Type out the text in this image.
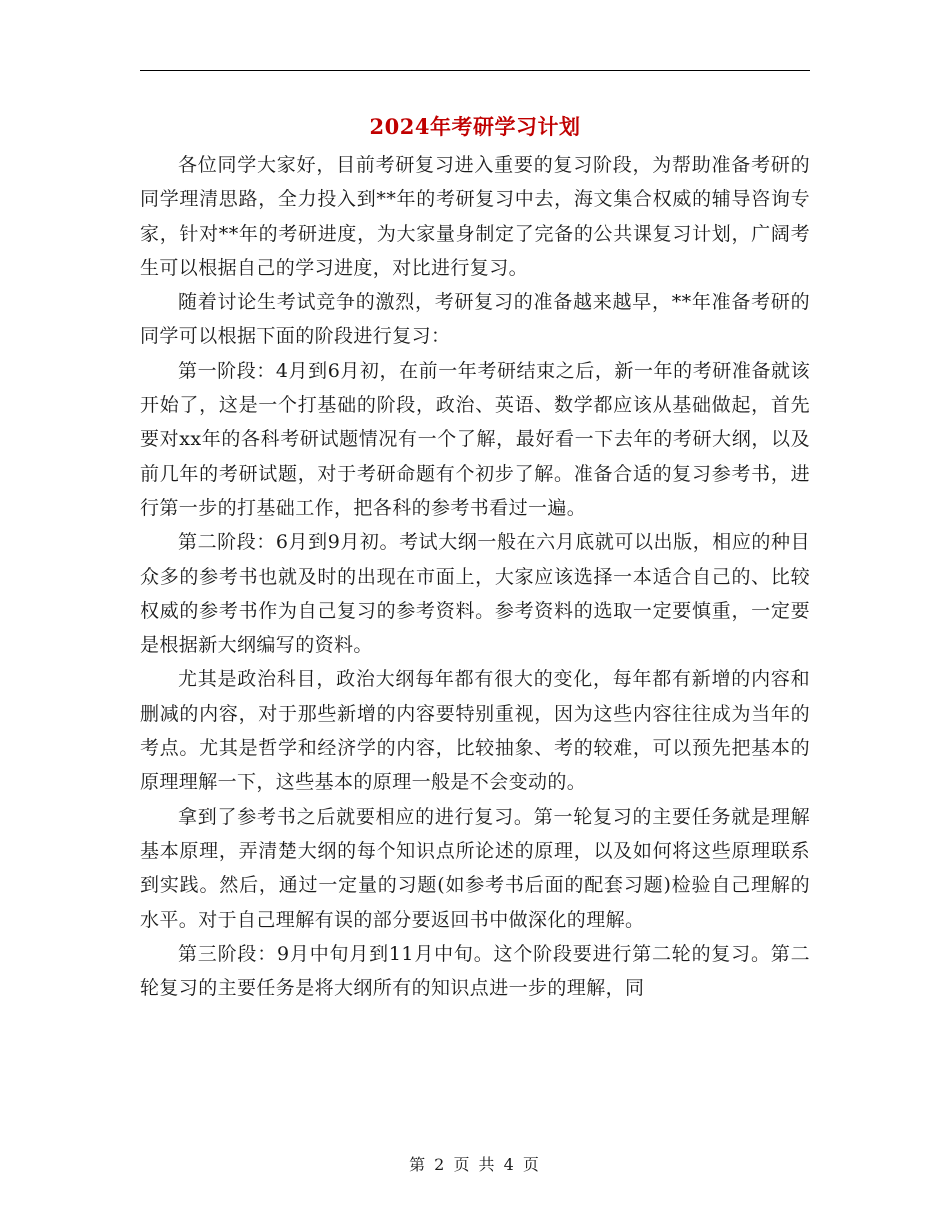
2024年考研学习计划

各位同学大家好，目前考研复习进入重要的复习阶段，为帮助准备考研的同学理清思路，全力投入到**年的考研复习中去，海文集合权威的辅导咨询专家，针对**年的考研进度，为大家量身制定了完备的公共课复习计划，广阔考生可以根据自己的学习进度，对比进行复习。

随着讨论生考试竞争的激烈，考研复习的准备越来越早，**年准备考研的同学可以根据下面的阶段进行复习：

第一阶段：4月到6月初，在前一年考研结束之后，新一年的考研准备就该开始了，这是一个打基础的阶段，政治、英语、数学都应该从基础做起，首先要对xx年的各科考研试题情况有一个了解，最好看一下去年的考研大纲，以及前几年的考研试题，对于考研命题有个初步了解。准备合适的复习参考书，进行第一步的打基础工作，把各科的参考书看过一遍。

第二阶段：6月到9月初。考试大纲一般在六月底就可以出版，相应的种目众多的参考书也就及时的出现在市面上，大家应该选择一本适合自己的、比较权威的参考书作为自己复习的参考资料。参考资料的选取一定要慎重，一定要是根据新大纲编写的资料。

尤其是政治科目，政治大纲每年都有很大的变化，每年都有新增的内容和删减的内容，对于那些新增的内容要特别重视，因为这些内容往往成为当年的考点。尤其是哲学和经济学的内容，比较抽象、考的较难，可以预先把基本的原理理解一下，这些基本的原理一般是不会变动的。

拿到了参考书之后就要相应的进行复习。第一轮复习的主要任务就是理解基本原理，弄清楚大纲的每个知识点所论述的原理，以及如何将这些原理联系到实践。然后，通过一定量的习题(如参考书后面的配套习题)检验自己理解的水平。对于自己理解有误的部分要返回书中做深化的理解。

第三阶段：9月中旬月到11月中旬。这个阶段要进行第二轮的复习。第二轮复习的主要任务是将大纲所有的知识点进一步的理解，同

第 2 页 共 4 页
